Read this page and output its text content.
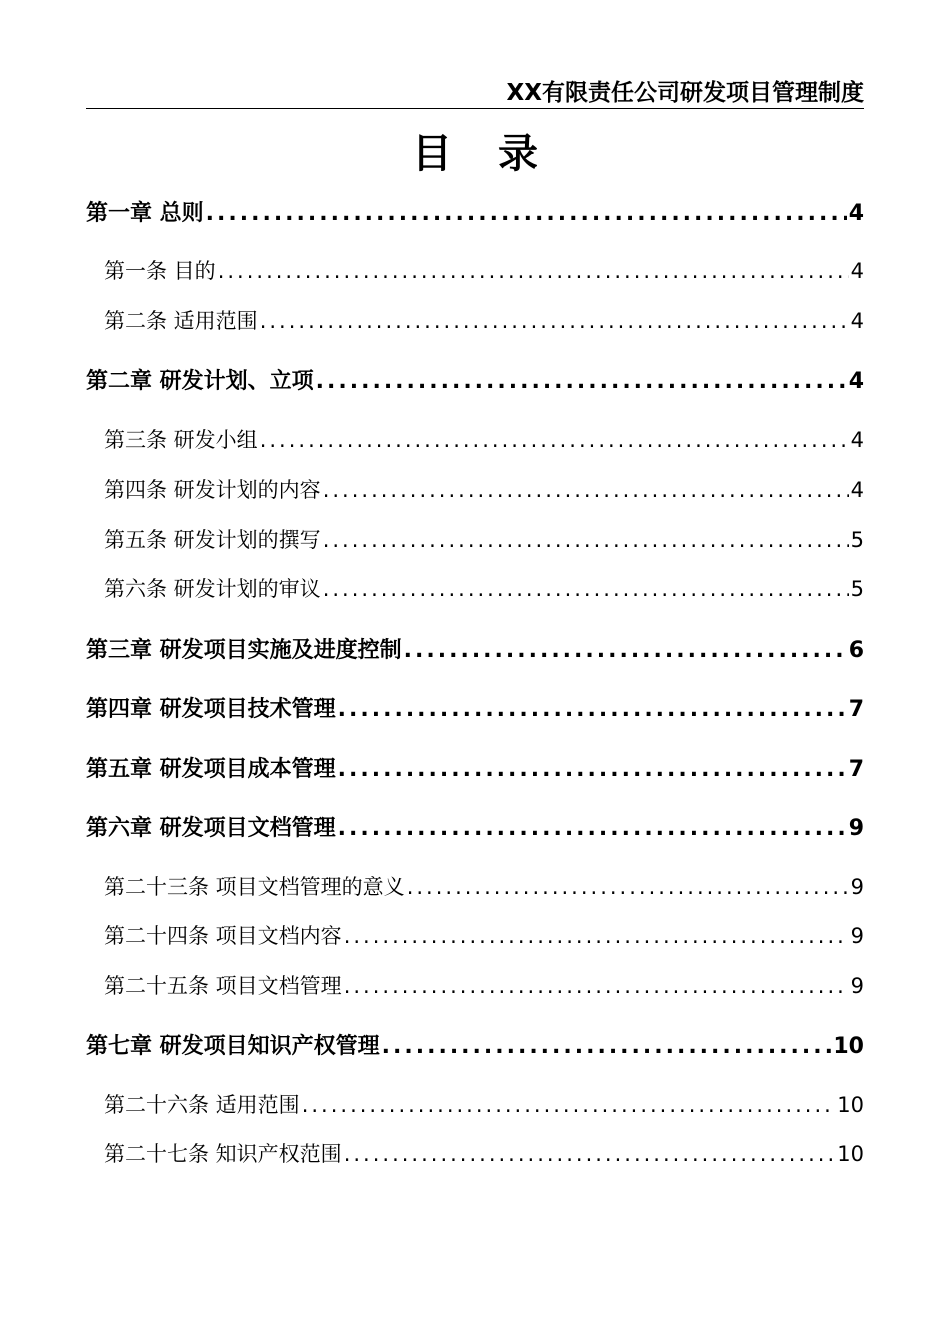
XX有限责任公司研发项目管理制度
目 录
第一章 总则 .....	4
第一条 目的 .....	4
第二条 适用范围 .....	4
第二章 研发计划、立项 .....	4
第三条 研发小组 .....	4
第四条 研发计划的内容 .....	4
第五条 研发计划的撰写 .....	5
第六条 研发计划的审议 .....	5
第三章 研发项目实施及进度控制 .....	6
第四章 研发项目技术管理 .....	7
第五章 研发项目成本管理 .....	7
第六章 研发项目文档管理 .....	9
第二十三条 项目文档管理的意义 .....	9
第二十四条 项目文档内容 .....	9
第二十五条 项目文档管理 .....	9
第七章 研发项目知识产权管理 .....	10
第二十六条 适用范围 .....	10
第二十七条 知识产权范围 .....	10
